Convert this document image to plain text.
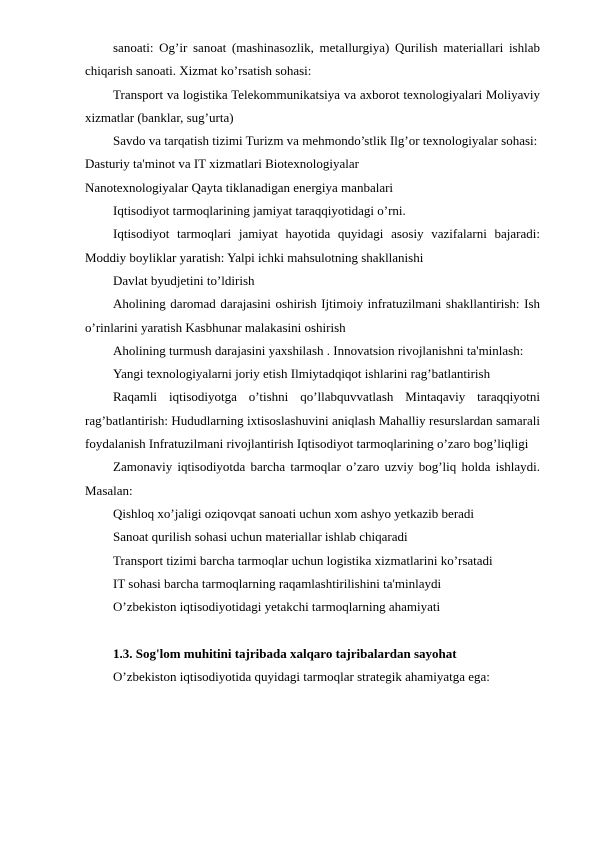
sanoati: Og’ir sanoat (mashinasozlik, metallurgiya) Qurilish materiallari ishlab chiqarish sanoati. Xizmat ko’rsatish sohasi:

Transport va logistika Telekommunikatsiya va axborot texnologiyalari Moliyaviy xizmatlar (banklar, sug’urta)

Savdo va tarqatish tizimi Turizm va mehmondo’stlik Ilg’or texnologiyalar sohasi:

Dasturiy ta'minot va IT xizmatlari Biotexnologiyalar

Nanotexnologiyalar Qayta tiklanadigan energiya manbalari

Iqtisodiyot tarmoqlarining jamiyat taraqqiyotidagi o’rni.

Iqtisodiyot tarmoqlari jamiyat hayotida quyidagi asosiy vazifalarni bajaradi: Moddiy boyliklar yaratish: Yalpi ichki mahsulotning shakllanishi

Davlat byudjetini to’ldirish

Aholining daromad darajasini oshirish Ijtimoiy infratuzilmani shakllantirish: Ish o’rinlarini yaratish Kasbhunar malakasini oshirish

Aholining turmush darajasini yaxshilash . Innovatsion rivojlanishni ta'minlash:

Yangi texnologiyalarni joriy etish Ilmiytadqiqot ishlarini rag’batlantirish

Raqamli iqtisodiyotga o’tishni qo’llabquvvatlash Mintaqaviy taraqqiyotni rag’batlantirish: Hududlarning ixtisoslashuvini aniqlash Mahalliy resurslardan samarali foydalanish Infratuzilmani rivojlantirish Iqtisodiyot tarmoqlarining o’zaro bog’liqligi

Zamonaviy iqtisodiyotda barcha tarmoqlar o’zaro uzviy bog’liq holda ishlaydi. Masalan:

Qishloq xo’jaligi oziqovqat sanoati uchun xom ashyo yetkazib beradi

Sanoat qurilish sohasi uchun materiallar ishlab chiqaradi

Transport tizimi barcha tarmoqlar uchun logistika xizmatlarini ko’rsatadi

IT sohasi barcha tarmoqlarning raqamlashtirilishini ta'minlaydi

O’zbekiston iqtisodiyotidagi yetakchi tarmoqlarning ahamiyati

1.3. Sog'lom muhitini tajribada xalqaro tajribalardan sayohat

O’zbekiston iqtisodiyotida quyidagi tarmoqlar strategik ahamiyatga ega:
